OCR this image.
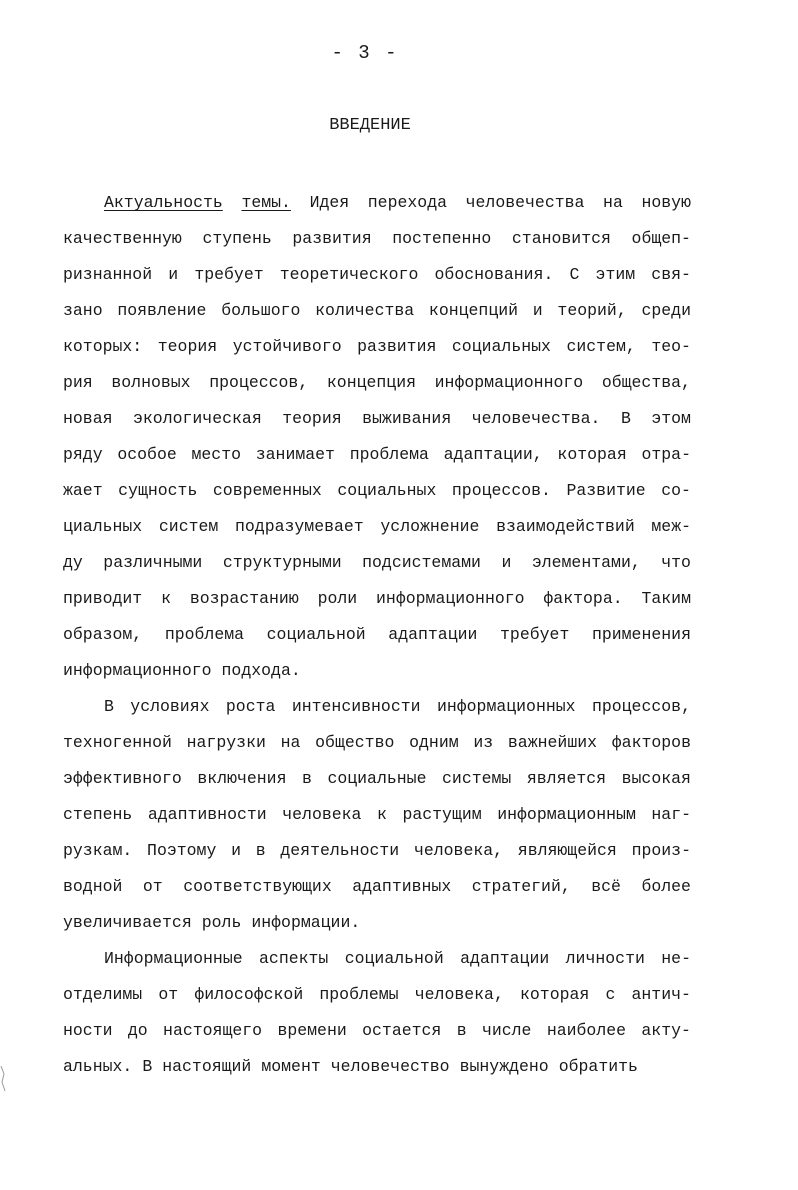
- 3 -
ВВЕДЕНИЕ
Актуальность темы. Идея перехода человечества на новую
качественную ступень развития постепенно становится общеп-
ризнанной и требует теоретического обоснования. С этим свя-
зано появление большого количества концепций и теорий, среди
которых: теория устойчивого развития социальных систем, тео-
рия волновых процессов, концепция информационного общества,
новая экологическая теория выживания человечества. В этом
ряду особое место занимает проблема адаптации, которая отра-
жает сущность современных социальных процессов. Развитие со-
циальных систем подразумевает усложнение взаимодействий меж-
ду различными структурными подсистемами и элементами, что
приводит к возрастанию роли информационного фактора. Таким
образом, проблема социальной адаптации требует применения
информационного подхода.
В условиях роста интенсивности информационных процессов,
техногенной нагрузки на общество одним из важнейших факторов
эффективного включения в социальные системы является высокая
степень адаптивности человека к растущим информационным наг-
рузкам. Поэтому и в деятельности человека, являющейся произ-
водной от соответствующих адаптивных стратегий, всё более
увеличивается роль информации.
Информационные аспекты социальной адаптации личности не-
отделимы от философской проблемы человека, которая с антич-
ности до настоящего времени остается в числе наиболее акту-
альных. В настоящий момент человечество вынуждено обратить
